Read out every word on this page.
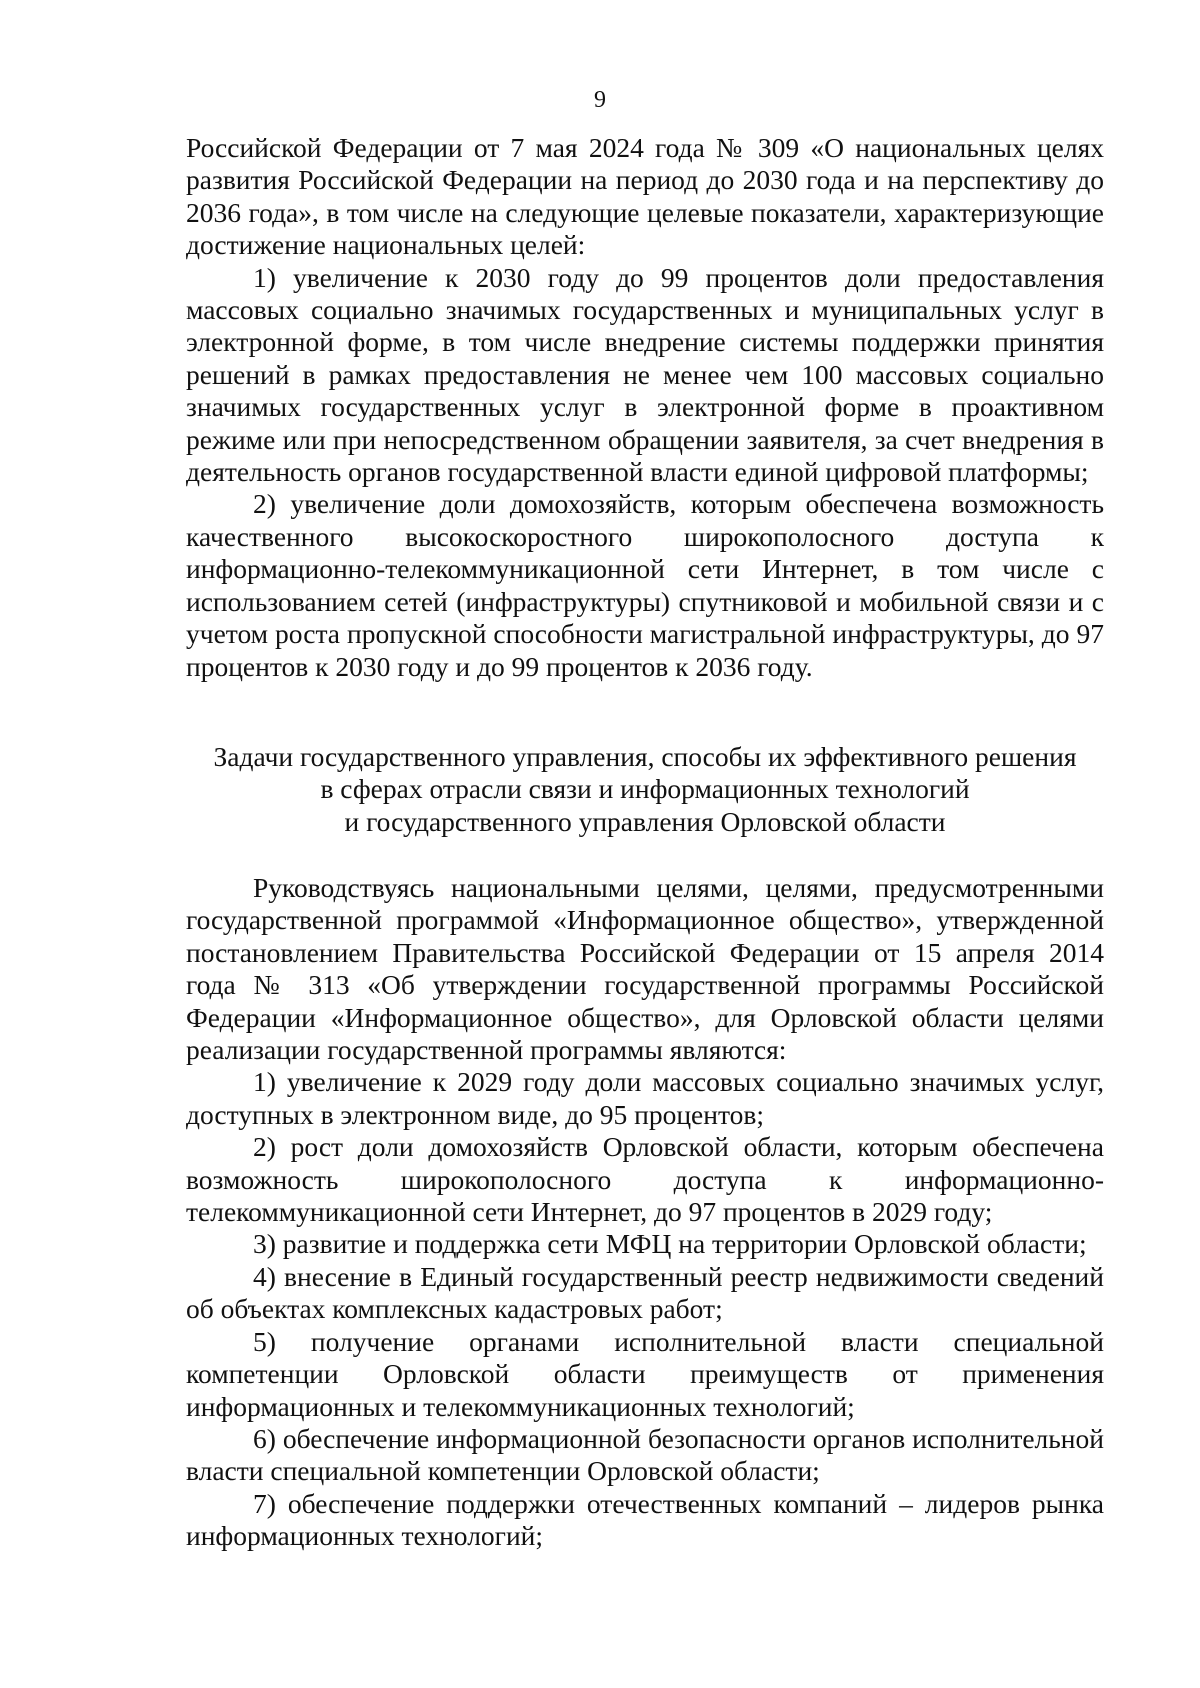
9

Российской Федерации от 7 мая 2024 года № 309 «О национальных целях развития Российской Федерации на период до 2030 года и на перспективу до 2036 года», в том числе на следующие целевые показатели, характеризующие достижение национальных целей:

1) увеличение к 2030 году до 99 процентов доли предоставления массовых социально значимых государственных и муниципальных услуг в электронной форме, в том числе внедрение системы поддержки принятия решений в рамках предоставления не менее чем 100 массовых социально значимых государственных услуг в электронной форме в проактивном режиме или при непосредственном обращении заявителя, за счет внедрения в деятельность органов государственной власти единой цифровой платформы;

2) увеличение доли домохозяйств, которым обеспечена возможность качественного высокоскоростного широкополосного доступа к информационно-телекоммуникационной сети Интернет, в том числе с использованием сетей (инфраструктуры) спутниковой и мобильной связи и с учетом роста пропускной способности магистральной инфраструктуры, до 97 процентов к 2030 году и до 99 процентов к 2036 году.

Задачи государственного управления, способы их эффективного решения
в сферах отрасли связи и информационных технологий
и государственного управления Орловской области

Руководствуясь национальными целями, целями, предусмотренными государственной программой «Информационное общество», утвержденной постановлением Правительства Российской Федерации от 15 апреля 2014 года № 313 «Об утверждении государственной программы Российской Федерации «Информационное общество», для Орловской области целями реализации государственной программы являются:

1) увеличение к 2029 году доли массовых социально значимых услуг, доступных в электронном виде, до 95 процентов;

2) рост доли домохозяйств Орловской области, которым обеспечена возможность широкополосного доступа к информационно-телекоммуникационной сети Интернет, до 97 процентов в 2029 году;

3) развитие и поддержка сети МФЦ на территории Орловской области;

4) внесение в Единый государственный реестр недвижимости сведений об объектах комплексных кадастровых работ;

5) получение органами исполнительной власти специальной компетенции Орловской области преимуществ от применения информационных и телекоммуникационных технологий;

6) обеспечение информационной безопасности органов исполнительной власти специальной компетенции Орловской области;

7) обеспечение поддержки отечественных компаний – лидеров рынка информационных технологий;
